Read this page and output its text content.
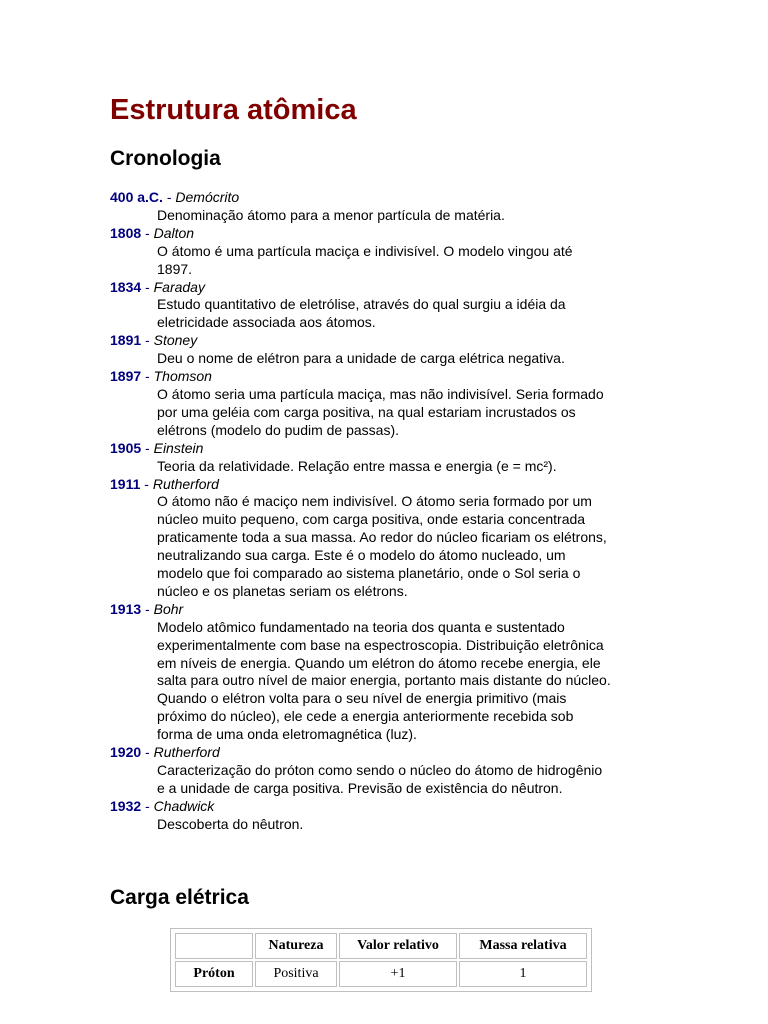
Estrutura atômica
Cronologia
400 a.C. - Demócrito
Denominação átomo para a menor partícula de matéria.
1808 - Dalton
O átomo é uma partícula maciça e indivisível. O modelo vingou até
1897.
1834 - Faraday
Estudo quantitativo de eletrólise, através do qual surgiu a idéia da
eletricidade associada aos átomos.
1891 - Stoney
Deu o nome de elétron para a unidade de carga elétrica negativa.
1897 - Thomson
O átomo seria uma partícula maciça, mas não indivisível. Seria formado
por uma geléia com carga positiva, na qual estariam incrustados os
elétrons (modelo do pudim de passas).
1905 - Einstein
Teoria da relatividade. Relação entre massa e energia (e = mc²).
1911 - Rutherford
O átomo não é maciço nem indivisível. O átomo seria formado por um
núcleo muito pequeno, com carga positiva, onde estaria concentrada
praticamente toda a sua massa. Ao redor do núcleo ficariam os elétrons,
neutralizando sua carga. Este é o modelo do átomo nucleado, um
modelo que foi comparado ao sistema planetário, onde o Sol seria o
núcleo e os planetas seriam os elétrons.
1913 - Bohr
Modelo atômico fundamentado na teoria dos quanta e sustentado
experimentalmente com base na espectroscopia. Distribuição eletrônica
em níveis de energia. Quando um elétron do átomo recebe energia, ele
salta para outro nível de maior energia, portanto mais distante do núcleo.
Quando o elétron volta para o seu nível de energia primitivo (mais
próximo do núcleo), ele cede a energia anteriormente recebida sob
forma de uma onda eletromagnética (luz).
1920 - Rutherford
Caracterização do próton como sendo o núcleo do átomo de hidrogênio
e a unidade de carga positiva. Previsão de existência do nêutron.
1932 - Chadwick
Descoberta do nêutron.
Carga elétrica
	Natureza	Valor relativo	Massa relativa
Próton	Positiva	+1	1
